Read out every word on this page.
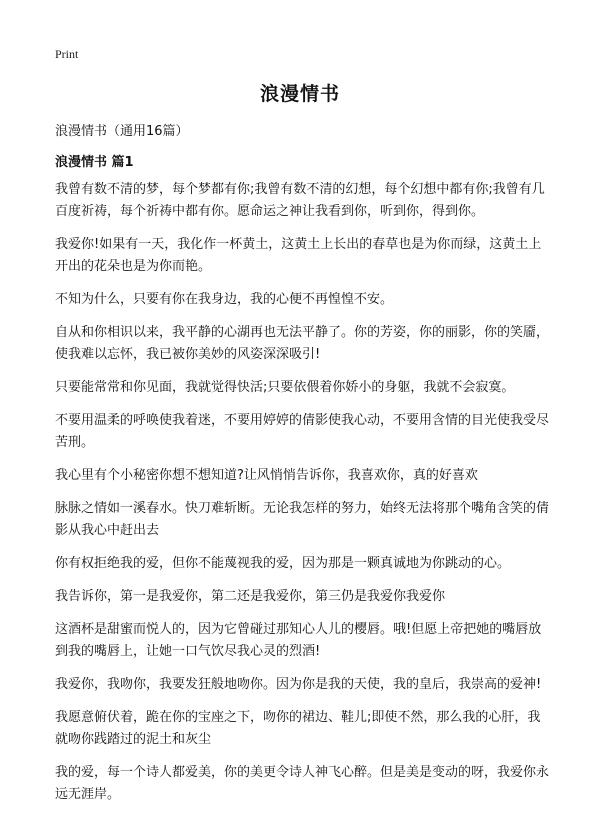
Print
浪漫情书
浪漫情书（通用16篇）
浪漫情书 篇1

我曾有数不清的梦，每个梦都有你;我曾有数不清的幻想，每个幻想中都有你;我曾有几百度祈祷，每个祈祷中都有你。愿命运之神让我看到你，听到你，得到你。

我爱你!如果有一天，我化作一杯黄土，这黄土上长出的春草也是为你而绿，这黄土上开出的花朵也是为你而艳。

不知为什么，只要有你在我身边，我的心便不再惶惶不安。

自从和你相识以来，我平静的心湖再也无法平静了。你的芳姿，你的丽影，你的笑靥，使我难以忘怀，我已被你美妙的风姿深深吸引!

只要能常常和你见面，我就觉得快活;只要依偎着你娇小的身躯，我就不会寂寞。

不要用温柔的呼唤使我着迷，不要用婷婷的倩影使我心动，不要用含情的目光使我受尽苦刑。

我心里有个小秘密你想不想知道?让风悄悄告诉你，我喜欢你，真的好喜欢

脉脉之情如一溪春水。快刀难斩断。无论我怎样的努力，始终无法将那个嘴角含笑的倩影从我心中赶出去

你有权拒绝我的爱，但你不能蔑视我的爱，因为那是一颗真诚地为你跳动的心。

我告诉你，第一是我爱你，第二还是我爱你，第三仍是我爱你我爱你

这酒杯是甜蜜而悦人的，因为它曾碰过那知心人儿的樱唇。哦!但愿上帝把她的嘴唇放到我的嘴唇上，让她一口气饮尽我心灵的烈酒!

我爱你，我吻你，我要发狂般地吻你。因为你是我的天使，我的皇后，我崇高的爱神!

我愿意俯伏着，跪在你的宝座之下，吻你的裙边、鞋儿;即使不然，那么我的心肝，我就吻你践踏过的泥土和灰尘

我的爱，每一个诗人都爱美，你的美更令诗人神飞心醉。但是美是变动的呀，我爱你永远无涯岸。
